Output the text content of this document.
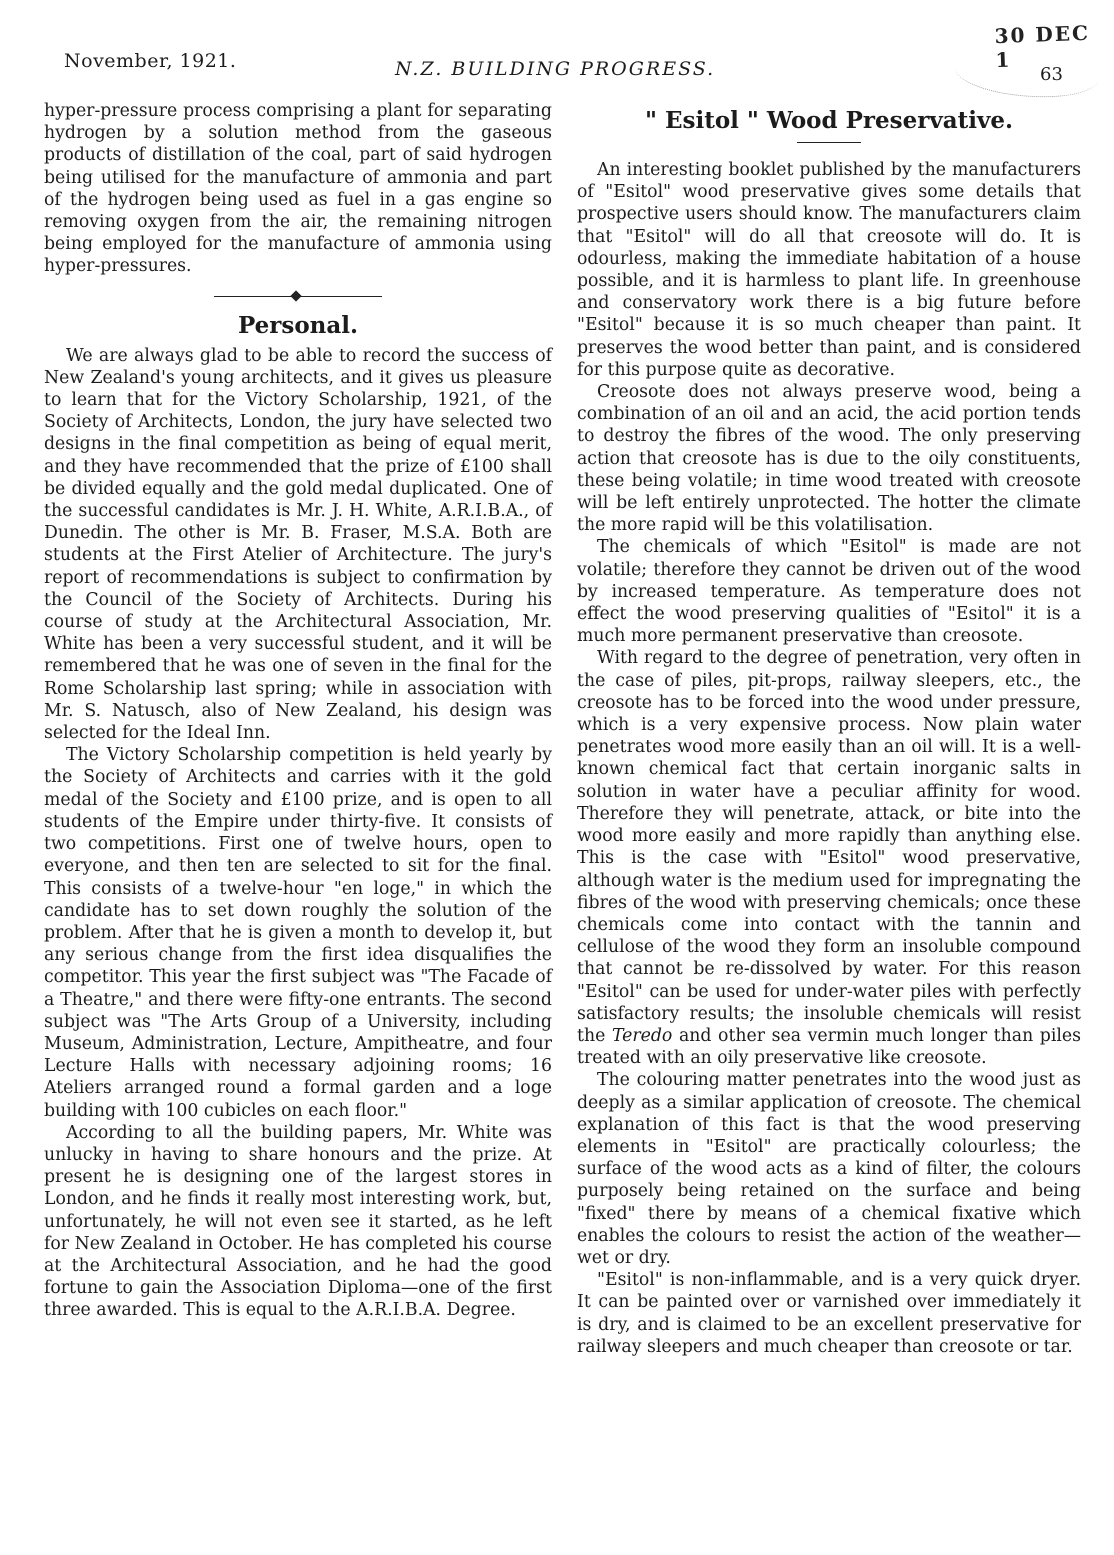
November, 1921.	N.Z. BUILDING PROGRESS.	63
30 DEC 1

hyper-pressure process comprising a plant for separating hydrogen by a solution method from the gaseous products of distillation of the coal, part of said hydrogen being utilised for the manufacture of ammonia and part of the hydrogen being used as fuel in a gas engine so removing oxygen from the air, the remaining nitrogen being employed for the manufacture of ammonia using hyper-pressures.

Personal.

We are always glad to be able to record the success of New Zealand's young architects, and it gives us pleasure to learn that for the Victory Scholarship, 1921, of the Society of Architects, London, the jury have selected two designs in the final competition as being of equal merit, and they have recommended that the prize of £100 shall be divided equally and the gold medal duplicated. One of the successful candidates is Mr. J. H. White, A.R.I.B.A., of Dunedin. The other is Mr. B. Fraser, M.S.A. Both are students at the First Atelier of Architecture. The jury's report of recommendations is subject to confirmation by the Council of the Society of Architects. During his course of study at the Architectural Association, Mr. White has been a very successful student, and it will be remembered that he was one of seven in the final for the Rome Scholarship last spring; while in association with Mr. S. Natusch, also of New Zealand, his design was selected for the Ideal Inn.

The Victory Scholarship competition is held yearly by the Society of Architects and carries with it the gold medal of the Society and £100 prize, and is open to all students of the Empire under thirty-five. It consists of two competitions. First one of twelve hours, open to everyone, and then ten are selected to sit for the final. This consists of a twelve-hour "en loge," in which the candidate has to set down roughly the solution of the problem. After that he is given a month to develop it, but any serious change from the first idea disqualifies the competitor. This year the first subject was "The Facade of a Theatre," and there were fifty-one entrants. The second subject was "The Arts Group of a University, including Museum, Administration, Lecture, Ampitheatre, and four Lecture Halls with necessary adjoining rooms; 16 Ateliers arranged round a formal garden and a loge building with 100 cubicles on each floor."

According to all the building papers, Mr. White was unlucky in having to share honours and the prize. At present he is designing one of the largest stores in London, and he finds it really most interesting work, but, unfortunately, he will not even see it started, as he left for New Zealand in October. He has completed his course at the Architectural Association, and he had the good fortune to gain the Association Diploma—one of the first three awarded. This is equal to the A.R.I.B.A. Degree.

" Esitol " Wood Preservative.

An interesting booklet published by the manufacturers of "Esitol" wood preservative gives some details that prospective users should know. The manufacturers claim that "Esitol" will do all that creosote will do. It is odourless, making the immediate habitation of a house possible, and it is harmless to plant life. In greenhouse and conservatory work there is a big future before "Esitol" because it is so much cheaper than paint. It preserves the wood better than paint, and is considered for this purpose quite as decorative.

Creosote does not always preserve wood, being a combination of an oil and an acid, the acid portion tends to destroy the fibres of the wood. The only preserving action that creosote has is due to the oily constituents, these being volatile; in time wood treated with creosote will be left entirely unprotected. The hotter the climate the more rapid will be this volatilisation.

The chemicals of which "Esitol" is made are not volatile; therefore they cannot be driven out of the wood by increased temperature. As temperature does not effect the wood preserving qualities of "Esitol" it is a much more permanent preservative than creosote.

With regard to the degree of penetration, very often in the case of piles, pit-props, railway sleepers, etc., the creosote has to be forced into the wood under pressure, which is a very expensive process. Now plain water penetrates wood more easily than an oil will. It is a well-known chemical fact that certain inorganic salts in solution in water have a peculiar affinity for wood. Therefore they will penetrate, attack, or bite into the wood more easily and more rapidly than anything else. This is the case with "Esitol" wood preservative, although water is the medium used for impregnating the fibres of the wood with preserving chemicals; once these chemicals come into contact with the tannin and cellulose of the wood they form an insoluble compound that cannot be re-dissolved by water. For this reason "Esitol" can be used for under-water piles with perfectly satisfactory results; the insoluble chemicals will resist the Teredo and other sea vermin much longer than piles treated with an oily preservative like creosote.

The colouring matter penetrates into the wood just as deeply as a similar application of creosote. The chemical explanation of this fact is that the wood preserving elements in "Esitol" are practically colourless; the surface of the wood acts as a kind of filter, the colours purposely being retained on the surface and being "fixed" there by means of a chemical fixative which enables the colours to resist the action of the weather—wet or dry.

"Esitol" is non-inflammable, and is a very quick dryer. It can be painted over or varnished over immediately it is dry, and is claimed to be an excellent preservative for railway sleepers and much cheaper than creosote or tar.
